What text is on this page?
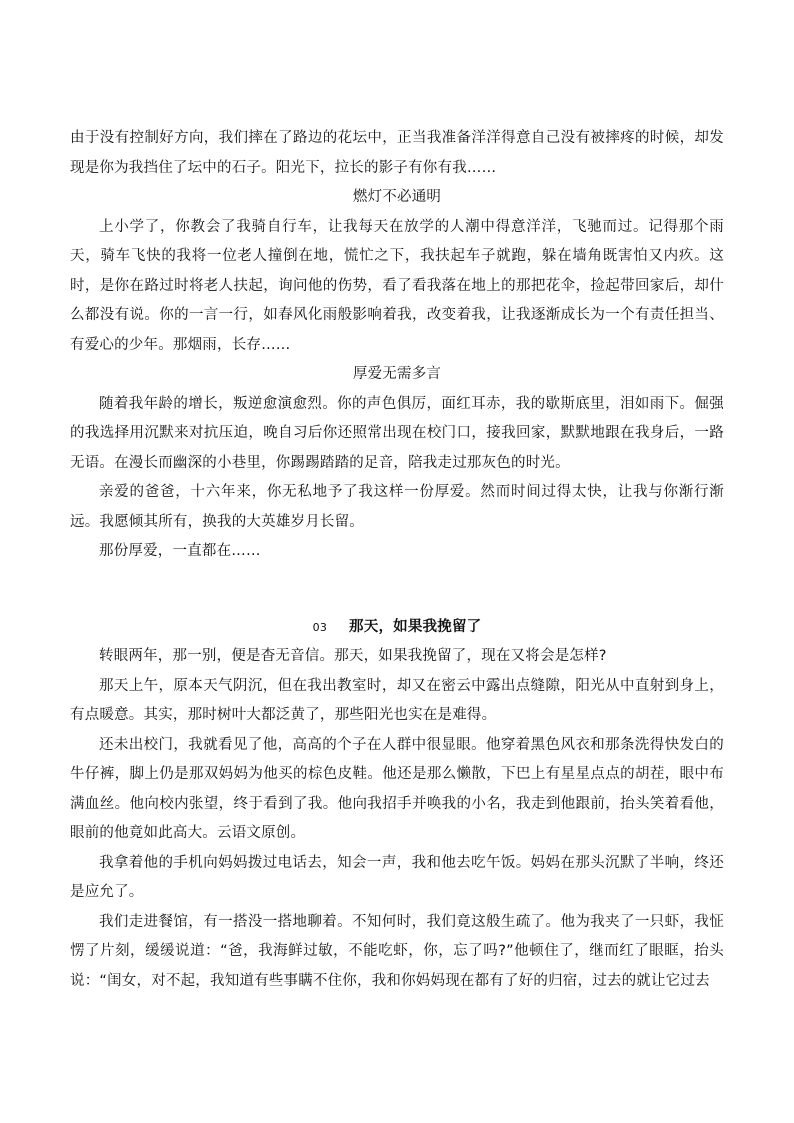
由于没有控制好方向，我们摔在了路边的花坛中，正当我准备洋洋得意自己没有被摔疼的时候，却发现是你为我挡住了坛中的石子。阳光下，拉长的影子有你有我……

燃灯不必通明

上小学了，你教会了我骑自行车，让我每天在放学的人潮中得意洋洋，飞驰而过。记得那个雨天，骑车飞快的我将一位老人撞倒在地，慌忙之下，我扶起车子就跑，躲在墙角既害怕又内疚。这时，是你在路过时将老人扶起，询问他的伤势，看了看我落在地上的那把花伞，捡起带回家后，却什么都没有说。你的一言一行，如春风化雨般影响着我，改变着我，让我逐渐成长为一个有责任担当、有爱心的少年。那烟雨，长存……

厚爱无需多言

随着我年龄的增长，叛逆愈演愈烈。你的声色俱厉，面红耳赤，我的歇斯底里，泪如雨下。倔强的我选择用沉默来对抗压迫，晚自习后你还照常出现在校门口，接我回家，默默地跟在我身后，一路无语。在漫长而幽深的小巷里，你踢踢踏踏的足音，陪我走过那灰色的时光。

亲爱的爸爸，十六年来，你无私地予了我这样一份厚爱。然而时间过得太快，让我与你渐行渐远。我愿倾其所有，换我的大英雄岁月长留。

那份厚爱，一直都在……

03 那天，如果我挽留了

转眼两年，那一别，便是杳无音信。那天，如果我挽留了，现在又将会是怎样?

那天上午，原本天气阴沉，但在我出教室时，却又在密云中露出点缝隙，阳光从中直射到身上，有点暖意。其实，那时树叶大都泛黄了，那些阳光也实在是难得。

还未出校门，我就看见了他，高高的个子在人群中很显眼。他穿着黑色风衣和那条洗得快发白的牛仔裤，脚上仍是那双妈妈为他买的棕色皮鞋。他还是那么懒散，下巴上有星星点点的胡茬，眼中布满血丝。他向校内张望，终于看到了我。他向我招手并唤我的小名，我走到他跟前，抬头笑着看他，眼前的他竟如此高大。云语文原创。

我拿着他的手机向妈妈拨过电话去，知会一声，我和他去吃午饭。妈妈在那头沉默了半响，终还是应允了。

我们走进餐馆，有一搭没一搭地聊着。不知何时，我们竟这般生疏了。他为我夹了一只虾，我怔愣了片刻，缓缓说道：“爸，我海鲜过敏，不能吃虾，你，忘了吗?”他顿住了，继而红了眼眶，抬头说：“闺女，对不起，我知道有些事瞒不住你，我和你妈妈现在都有了好的归宿，过去的就让它过去
